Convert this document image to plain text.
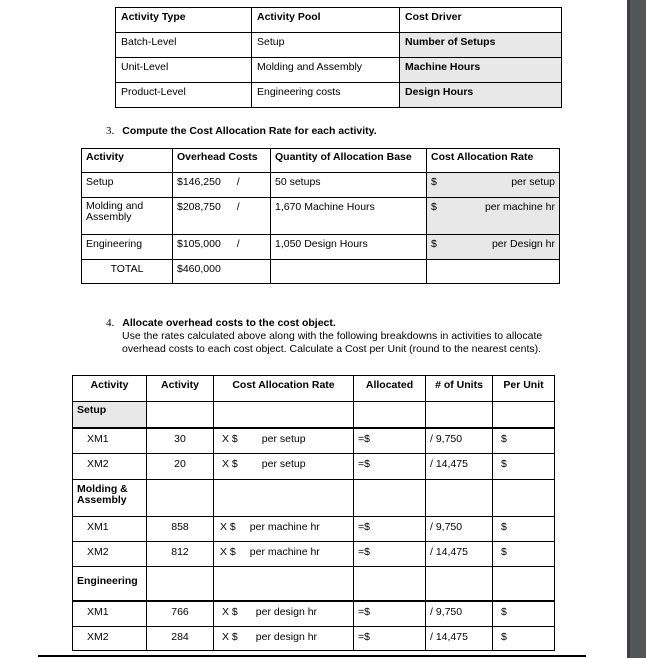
Activity Type	Activity Pool	Cost Driver
Batch-Level	Setup	Number of Setups
Unit-Level	Molding and Assembly	Machine Hours
Product-Level	Engineering costs	Design Hours
3. Compute the Cost Allocation Rate for each activity.
Activity	Overhead Costs	Quantity of Allocation Base	Cost Allocation Rate
Setup	$146,250 /	50 setups	$ per setup

Molding and Assembly	$208,750 /	1,670 Machine Hours	$ per machine hr

Engineering	$105,000 /	1,050 Design Hours	$ per Design hr

TOTAL	$460,000		
4. Allocate overhead costs to the cost object.
Use the rates calculated above along with the following breakdowns in activities to allocate overhead costs to each cost object. Calculate a Cost per Unit (round to the nearest cents).
Activity	Activity	Cost Allocation Rate	Allocated	# of Units	Per Unit
Setup					
XM1	30	X $ per setup	=$	/ 9,750	$
XM2	20	X $ per setup	=$	/ 14,475	$
Molding & Assembly					
XM1	858	X $ per machine hr	=$	/ 9,750	$
XM2	812	X $ per machine hr	=$	/ 14,475	$
Engineering					
XM1	766	X $ per design hr	=$	/ 9,750	$
XM2	284	X $ per design hr	=$	/ 14,475	$
